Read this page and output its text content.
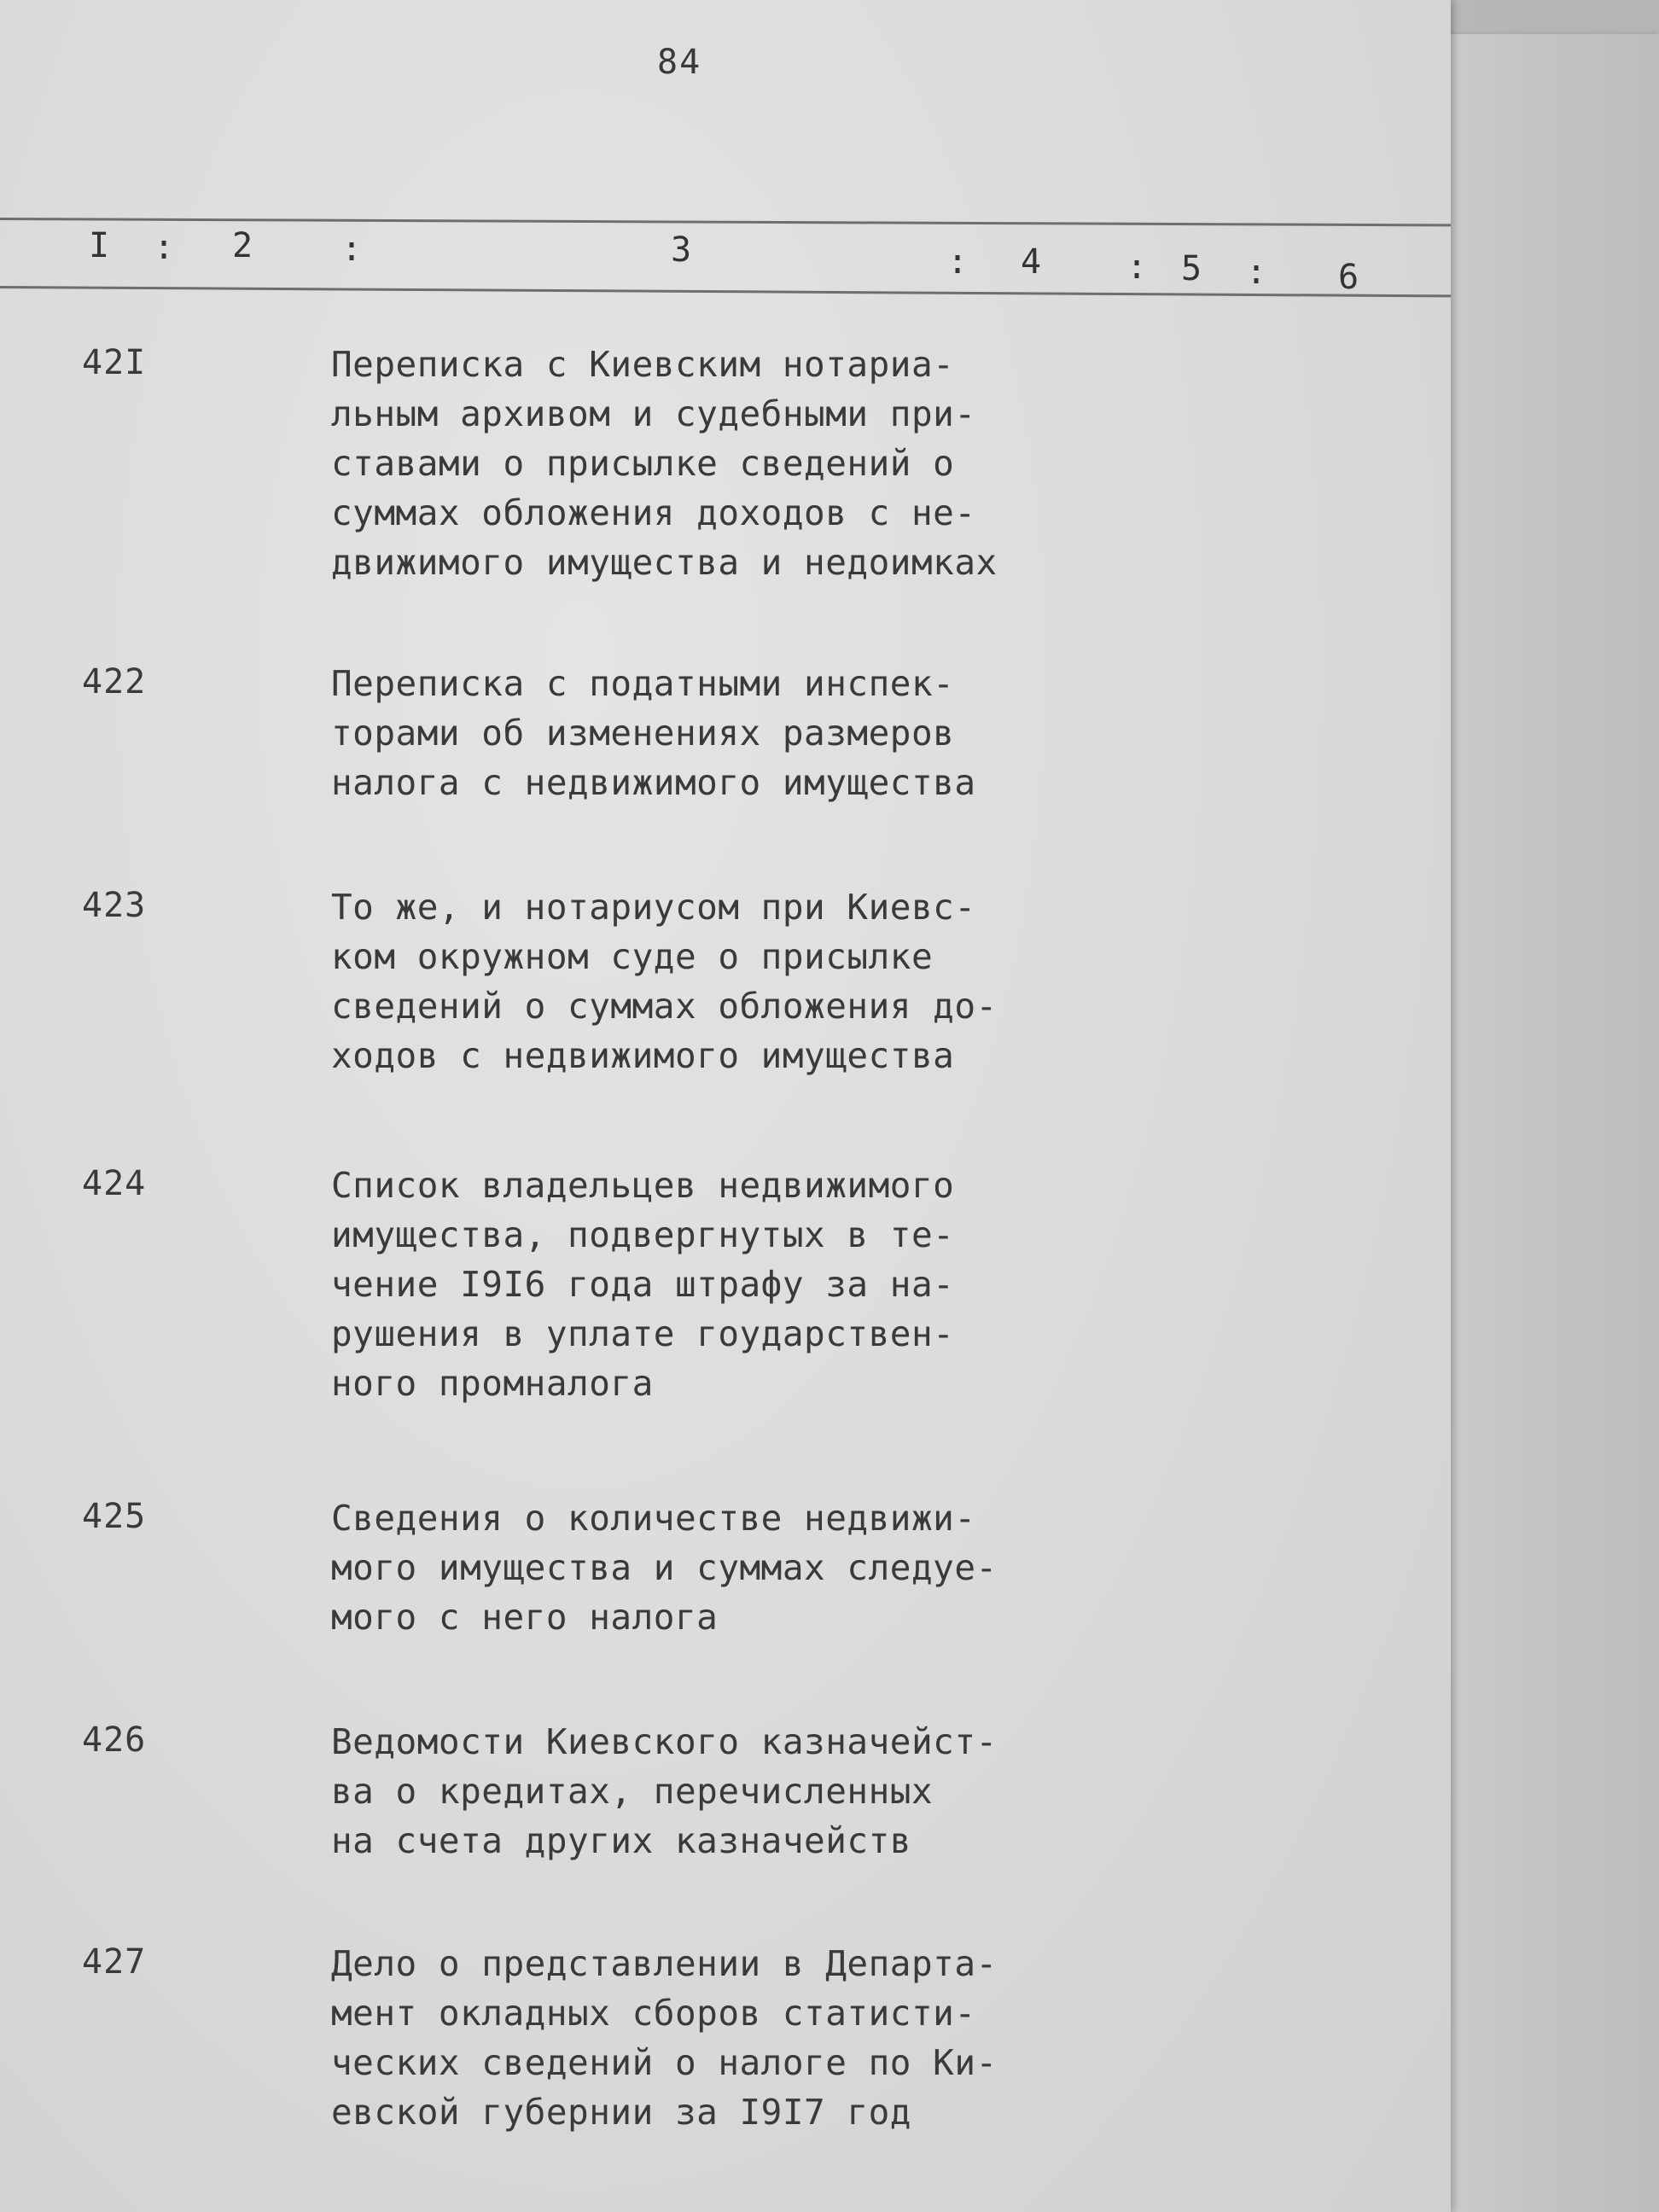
84
I : 2	:	3	: 4 : 5 : 6
42I	Переписка с Киевским нотариа-
льным архивом и судебными при-
ставами о присылке сведений о
суммах обложения доходов с не-
движимого имущества и недоимках

422	Переписка с податными инспек-
торами об изменениях размеров
налога с недвижимого имущества

423	То же, и нотариусом при Киевс-
ком окружном суде о присылке
сведений о суммах обложения до-
ходов с недвижимого имущества

424	Список владельцев недвижимого
имущества, подвергнутых в те-
чение I9I6 года штрафу за на-
рушения в уплате гоударствен-
ного промналога

425	Сведения о количестве недвижи-
мого имущества и суммах следуе-
мого с него налога

426	Ведомости Киевского казначейст-
ва о кредитах, перечисленных
на счета других казначейств

427	Дело о представлении в Департа-
мент окладных сборов статисти-
ческих сведений о налоге по Ки-
евской губернии за I9I7 год
